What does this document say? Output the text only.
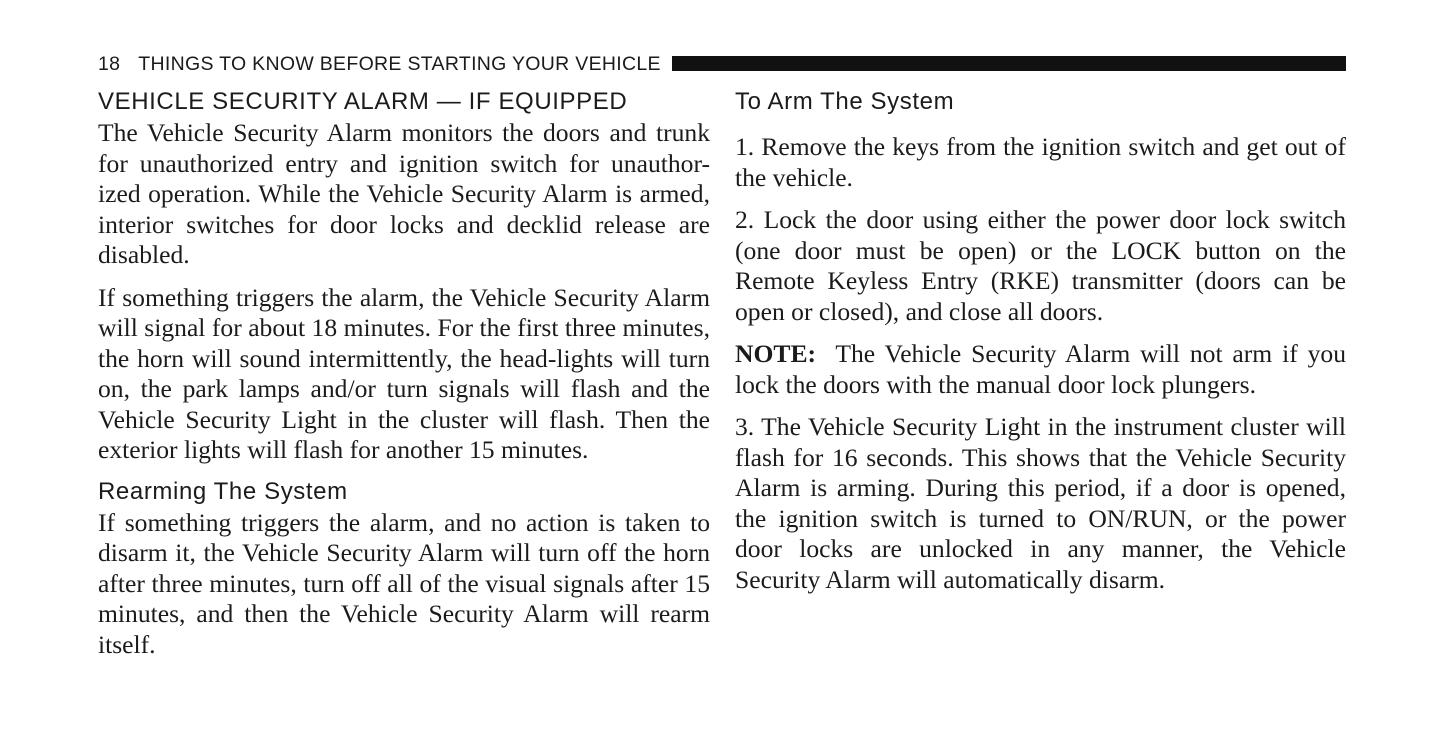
18 THINGS TO KNOW BEFORE STARTING YOUR VEHICLE
VEHICLE SECURITY ALARM — IF EQUIPPED

The Vehicle Security Alarm monitors the doors and trunk for unauthorized entry and ignition switch for unauthor-ized operation. While the Vehicle Security Alarm is armed, interior switches for door locks and decklid release are disabled.

If something triggers the alarm, the Vehicle Security Alarm will signal for about 18 minutes. For the first three minutes, the horn will sound intermittently, the head-lights will turn on, the park lamps and/or turn signals will flash and the Vehicle Security Light in the cluster will flash. Then the exterior lights will flash for another 15 minutes.

Rearming The System

If something triggers the alarm, and no action is taken to disarm it, the Vehicle Security Alarm will turn off the horn after three minutes, turn off all of the visual signals after 15 minutes, and then the Vehicle Security Alarm will rearm itself.

To Arm The System

1. Remove the keys from the ignition switch and get out of the vehicle.

2. Lock the door using either the power door lock switch (one door must be open) or the LOCK button on the Remote Keyless Entry (RKE) transmitter (doors can be open or closed), and close all doors.

NOTE: The Vehicle Security Alarm will not arm if you lock the doors with the manual door lock plungers.

3. The Vehicle Security Light in the instrument cluster will flash for 16 seconds. This shows that the Vehicle Security Alarm is arming. During this period, if a door is opened, the ignition switch is turned to ON/RUN, or the power door locks are unlocked in any manner, the Vehicle Security Alarm will automatically disarm.
